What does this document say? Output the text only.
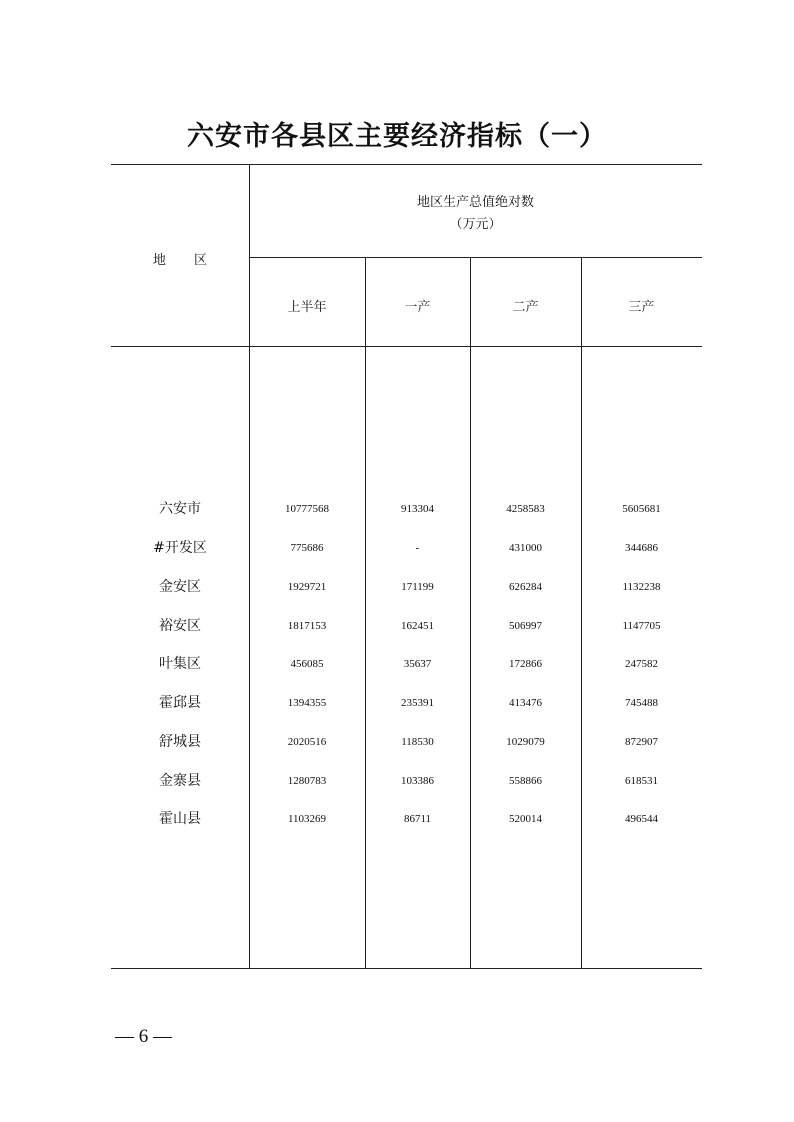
六安市各县区主要经济指标（一）
地 区
地区生产总值绝对数
（万元）
上半年	一产	二产	三产
六安市	10777568	913304	4258583	5605681
#开发区	775686	-	431000	344686
金安区	1929721	171199	626284	1132238
裕安区	1817153	162451	506997	1147705
叶集区	456085	35637	172866	247582
霍邱县	1394355	235391	413476	745488
舒城县	2020516	118530	1029079	872907
金寨县	1280783	103386	558866	618531
霍山县	1103269	86711	520014	496544
— 6 —
